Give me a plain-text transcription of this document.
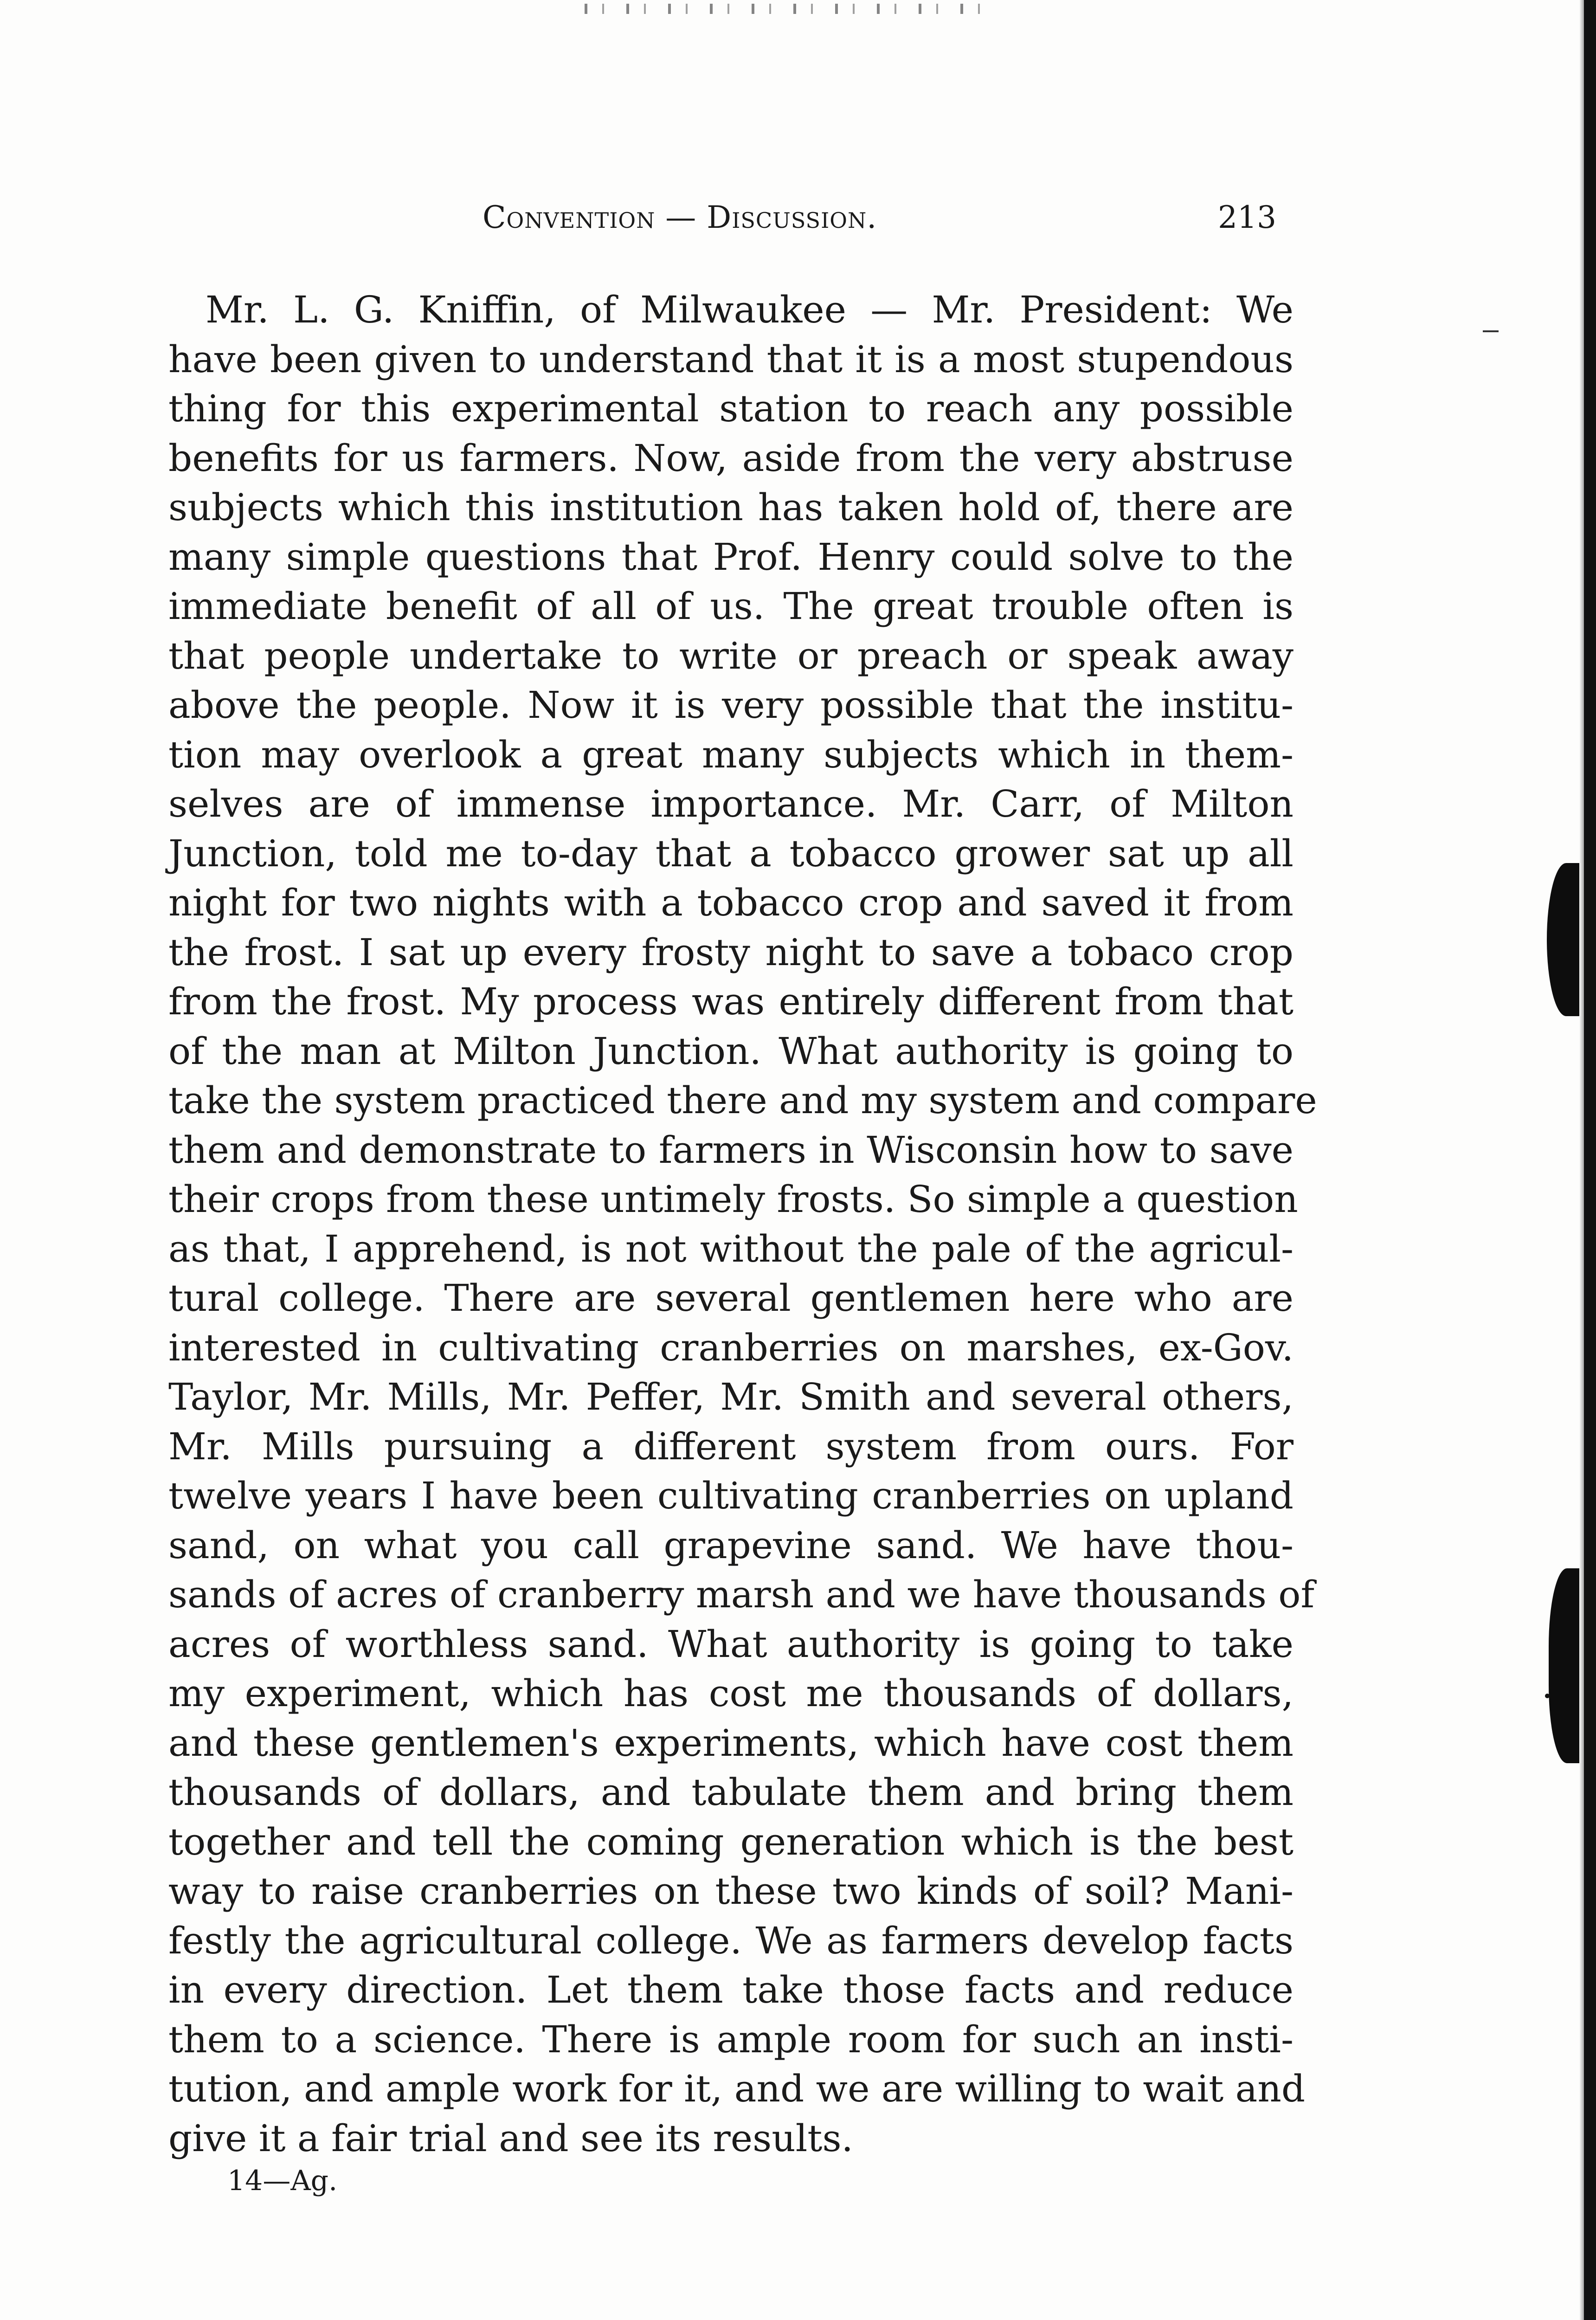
Convention — Discussion.	213
Mr. L. G. Kniffin, of Milwaukee — Mr. President: We
have been given to understand that it is a most stupendous
thing for this experimental station to reach any possible
benefits for us farmers. Now, aside from the very abstruse
subjects which this institution has taken hold of, there are
many simple questions that Prof. Henry could solve to the
immediate benefit of all of us. The great trouble often is
that people undertake to write or preach or speak away
above the people. Now it is very possible that the institu-
tion may overlook a great many subjects which in them-
selves are of immense importance. Mr. Carr, of Milton
Junction, told me to-day that a tobacco grower sat up all
night for two nights with a tobacco crop and saved it from
the frost. I sat up every frosty night to save a tobaco crop
from the frost. My process was entirely different from that
of the man at Milton Junction. What authority is going to
take the system practiced there and my system and compare
them and demonstrate to farmers in Wisconsin how to save
their crops from these untimely frosts. So simple a question
as that, I apprehend, is not without the pale of the agricul-
tural college. There are several gentlemen here who are
interested in cultivating cranberries on marshes, ex-Gov.
Taylor, Mr. Mills, Mr. Peffer, Mr. Smith and several others,
Mr. Mills pursuing a different system from ours. For
twelve years I have been cultivating cranberries on upland
sand, on what you call grapevine sand. We have thou-
sands of acres of cranberry marsh and we have thousands of
acres of worthless sand. What authority is going to take
my experiment, which has cost me thousands of dollars,
and these gentlemen's experiments, which have cost them
thousands of dollars, and tabulate them and bring them
together and tell the coming generation which is the best
way to raise cranberries on these two kinds of soil? Mani-
festly the agricultural college. We as farmers develop facts
in every direction. Let them take those facts and reduce
them to a science. There is ample room for such an insti-
tution, and ample work for it, and we are willing to wait and
give it a fair trial and see its results.
14—Ag.
